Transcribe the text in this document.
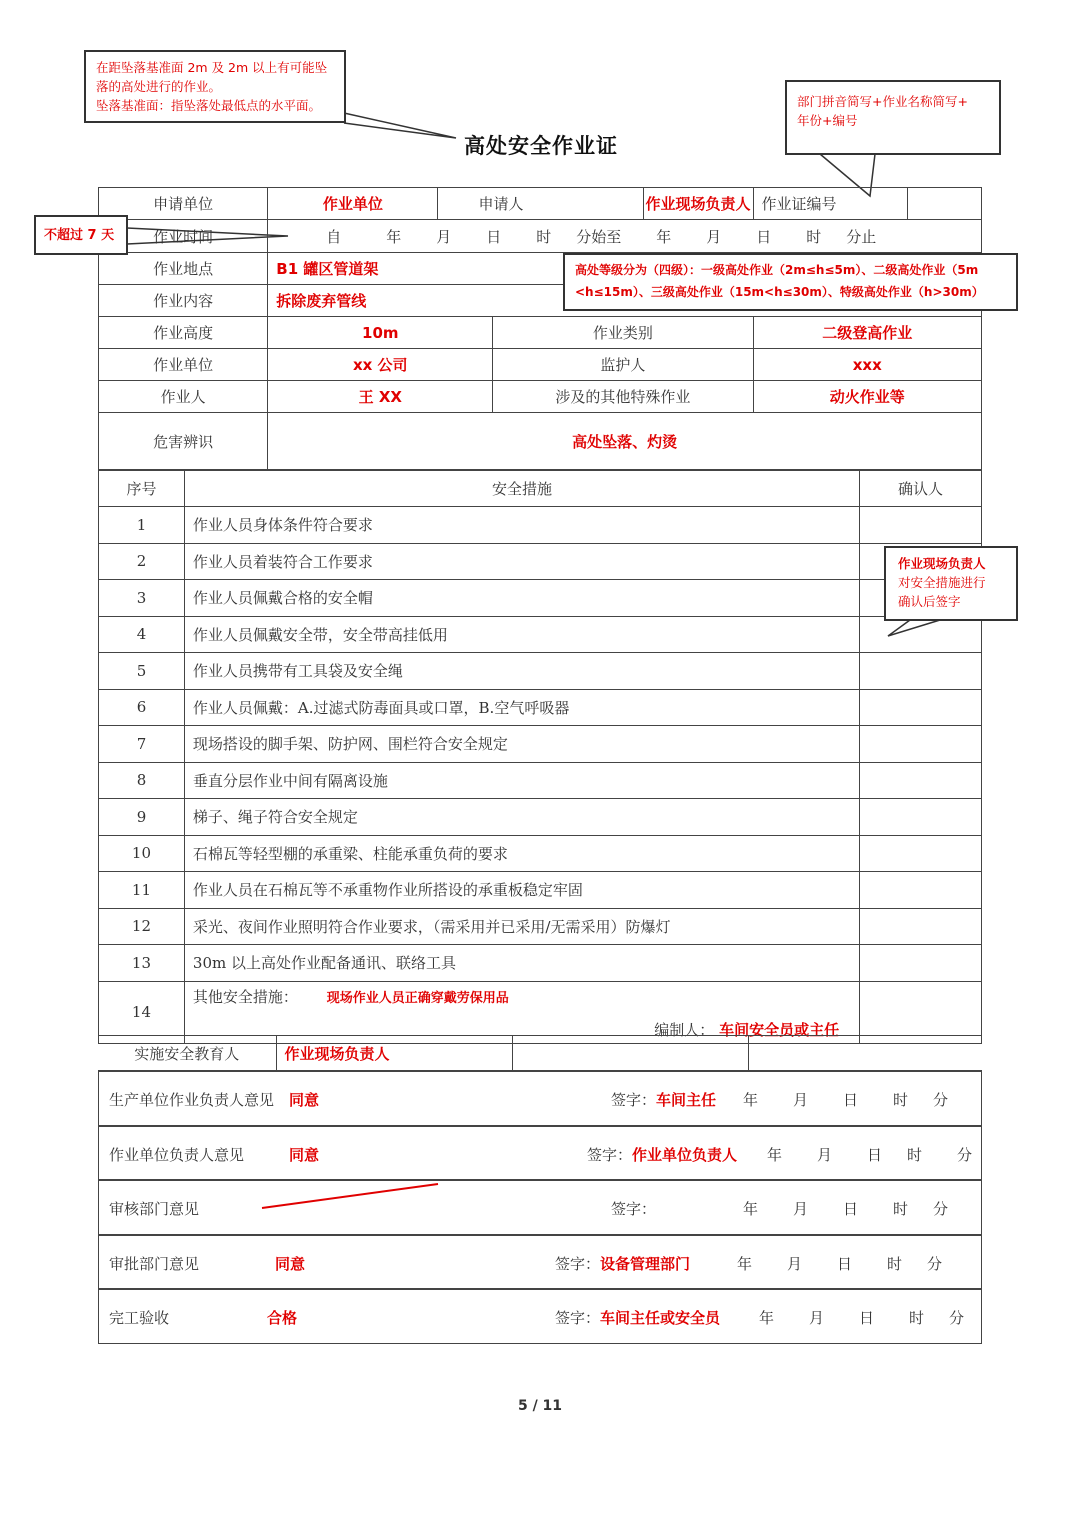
高处安全作业证
申请单位	作业单位	申请人		作业现场负责人	作业证编号	
作业时间	自 年 月 日 时 分始至 年 月 日 时 分止					
作业地点	B1 罐区管道架					
作业内容	拆除废弃管线					
作业高度	10m		作业类别		二级登高作业	
作业单位	xx 公司		监护人		xxx	
作业人	王 XX		涉及的其他特殊作业		动火作业等	
危害辨识	高处坠落、灼烫					
序号	安全措施	确认人
1	作业人员身体条件符合要求	
2	作业人员着装符合工作要求	
3	作业人员佩戴合格的安全帽	
4	作业人员佩戴安全带，安全带高挂低用	
5	作业人员携带有工具袋及安全绳	
6	作业人员佩戴：A.过滤式防毒面具或口罩，B.空气呼吸器	
7	现场搭设的脚手架、防护网、围栏符合安全规定	
8	垂直分层作业中间有隔离设施	
9	梯子、绳子符合安全规定	
10	石棉瓦等轻型棚的承重梁、柱能承重负荷的要求	
11	作业人员在石棉瓦等不承重物作业所搭设的承重板稳定牢固	
12	采光、夜间作业照明符合作业要求，（需采用并已采用/无需采用）防爆灯	
13	30m 以上高处作业配备通讯、联络工具	
14	其他安全措施： 现场作业人员正确穿戴劳保用品
编制人： 车间安全员或主任	

实施安全教育人	作业现场负责人		
生产单位作业负责人意见 同意	签字：车间主任 年 月 日 时 分
作业单位负责人意见	同意	签字：作业单位负责人 年 月 日 时 分
审核部门意见	签字：	年 月 日 时 分
审批部门意见	同意	签字：设备管理部门	年 月 日 时 分
完工验收	合格	签字：车间主任或安全员	年 月 日 时 分
在距坠落基准面 2m 及 2m 以上有可能坠
落的高处进行的作业。
坠落基准面：指坠落处最低点的水平面。	部门拼音简写+作业名称简写+
年份+编号
不超过 7 天
高处等级分为（四级）：一级高处作业（2m≤h≤5m）、二级高处作业（5m
<h≤15m）、三级高处作业（15m<h≤30m）、特级高处作业（h>30m）
作业现场负责人
对安全措施进行
确认后签字
5 / 11
